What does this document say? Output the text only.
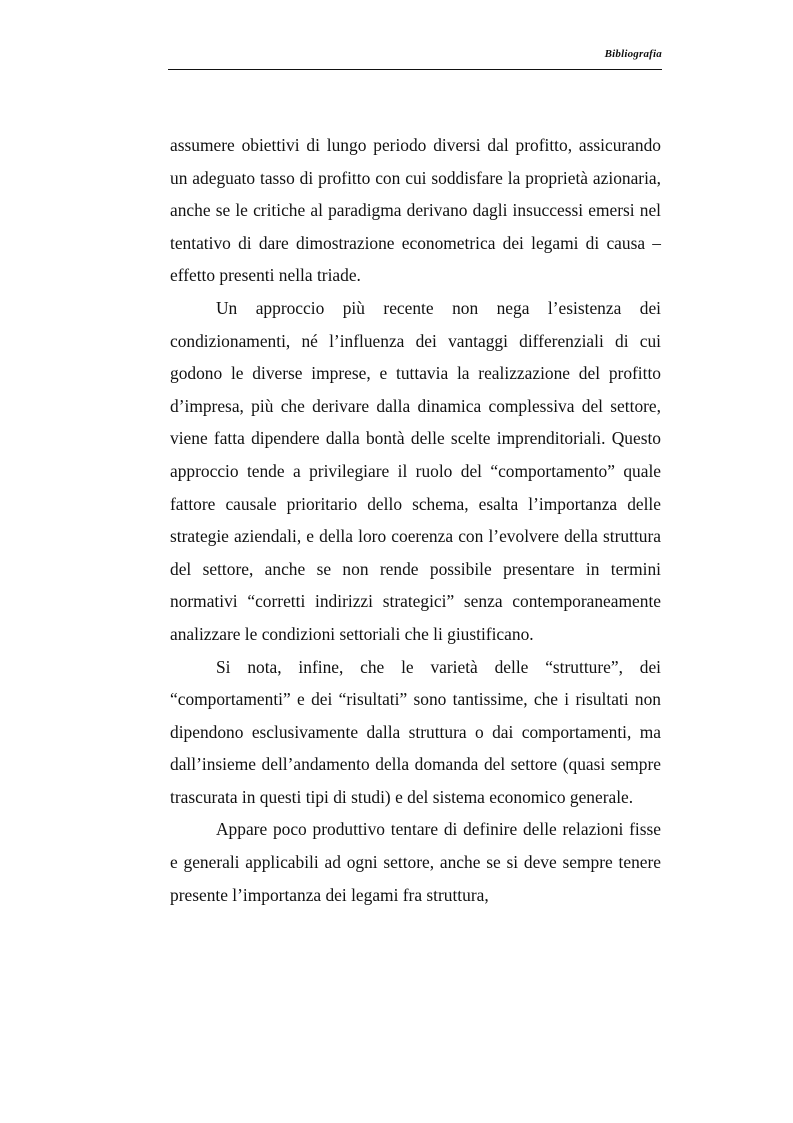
Bibliografia

assumere obiettivi di lungo periodo diversi dal profitto, assicurando un adeguato tasso di profitto con cui soddisfare la proprietà azionaria, anche se le critiche al paradigma derivano dagli insuccessi emersi nel tentativo di dare dimostrazione econometrica dei legami di causa – effetto presenti nella triade.

Un approccio più recente non nega l’esistenza dei condizionamenti, né l’influenza dei vantaggi differenziali di cui godono le diverse imprese, e tuttavia la realizzazione del profitto d’impresa, più che derivare dalla dinamica complessiva del settore, viene fatta dipendere dalla bontà delle scelte imprenditoriali. Questo approccio tende a privilegiare il ruolo del “comportamento” quale fattore causale prioritario dello schema, esalta l’importanza delle strategie aziendali, e della loro coerenza con l’evolvere della struttura del settore, anche se non rende possibile presentare in termini normativi “corretti indirizzi strategici” senza contemporaneamente analizzare le condizioni settoriali che li giustificano.

Si nota, infine, che le varietà delle “strutture”, dei “comportamenti” e dei “risultati” sono tantissime, che i risultati non dipendono esclusivamente dalla struttura o dai comportamenti, ma dall’insieme dell’andamento della domanda del settore (quasi sempre trascurata in questi tipi di studi) e del sistema economico generale.

Appare poco produttivo tentare di definire delle relazioni fisse e generali applicabili ad ogni settore, anche se si deve sempre tenere presente l’importanza dei legami fra struttura,
